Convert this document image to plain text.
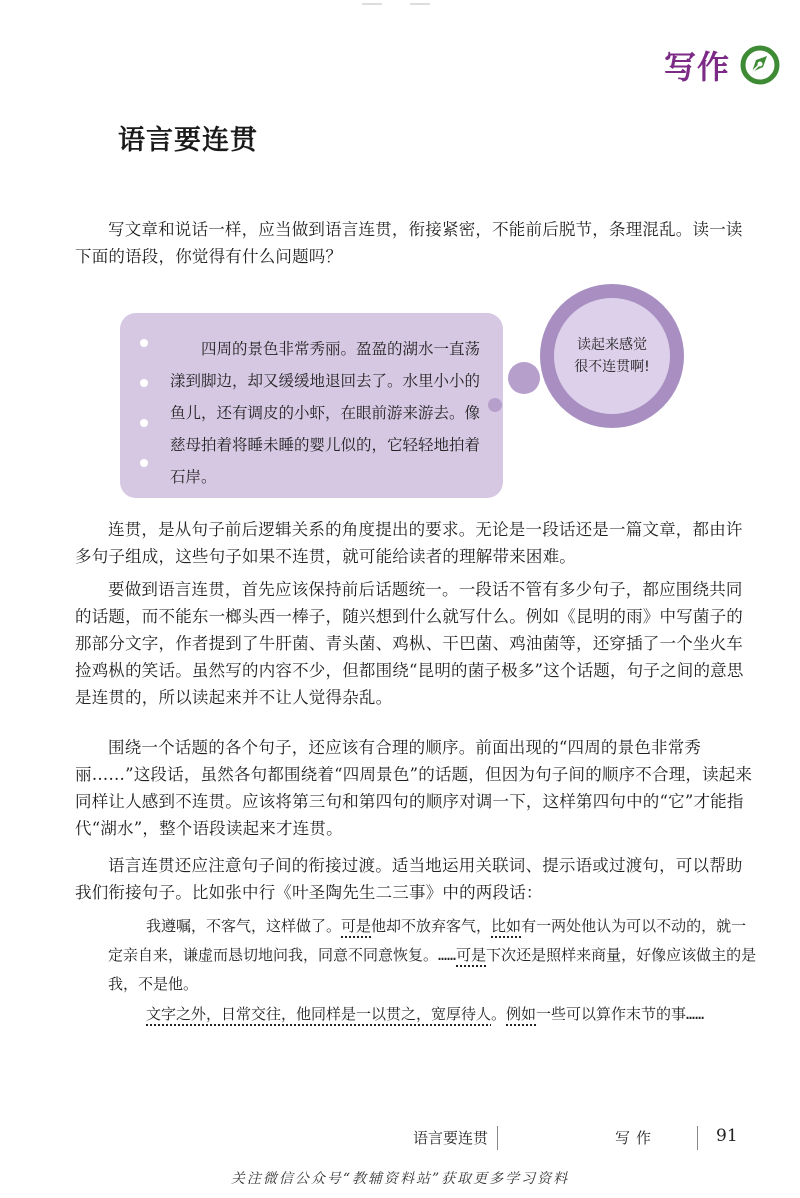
写作
语言要连贯

写文章和说话一样，应当做到语言连贯，衔接紧密，不能前后脱节，条理混乱。读一读下面的语段，你觉得有什么问题吗？

四周的景色非常秀丽。盈盈的湖水一直荡漾到脚边，却又缓缓地退回去了。水里小小的鱼儿，还有调皮的小虾，在眼前游来游去。像慈母拍着将睡未睡的婴儿似的，它轻轻地拍着石岸。

读起来感觉
很不连贯啊!

连贯，是从句子前后逻辑关系的角度提出的要求。无论是一段话还是一篇文章，都由许多句子组成，这些句子如果不连贯，就可能给读者的理解带来困难。

要做到语言连贯，首先应该保持前后话题统一。一段话不管有多少句子，都应围绕共同的话题，而不能东一榔头西一棒子，随兴想到什么就写什么。例如《昆明的雨》中写菌子的那部分文字，作者提到了牛肝菌、青头菌、鸡枞、干巴菌、鸡油菌等，还穿插了一个坐火车捡鸡枞的笑话。虽然写的内容不少，但都围绕“昆明的菌子极多”这个话题，句子之间的意思是连贯的，所以读起来并不让人觉得杂乱。

围绕一个话题的各个句子，还应该有合理的顺序。前面出现的“四周的景色非常秀丽……”这段话，虽然各句都围绕着“四周景色”的话题，但因为句子间的顺序不合理，读起来同样让人感到不连贯。应该将第三句和第四句的顺序对调一下，这样第四句中的“它”才能指代“湖水”，整个语段读起来才连贯。

语言连贯还应注意句子间的衔接过渡。适当地运用关联词、提示语或过渡句，可以帮助我们衔接句子。比如张中行《叶圣陶先生二三事》中的两段话：

我遵嘱，不客气，这样做了。可是他却不放弃客气，比如有一两处他认为可以不动的，就一定亲自来，谦虚而恳切地问我，同意不同意恢复。……可是下次还是照样来商量，好像应该做主的是我，不是他。

文字之外，日常交往，他同样是一以贯之，宽厚待人。例如一些可以算作末节的事……

语言要连贯	写作	91
关注微信公众号“教辅资料站”获取更多学习资料
